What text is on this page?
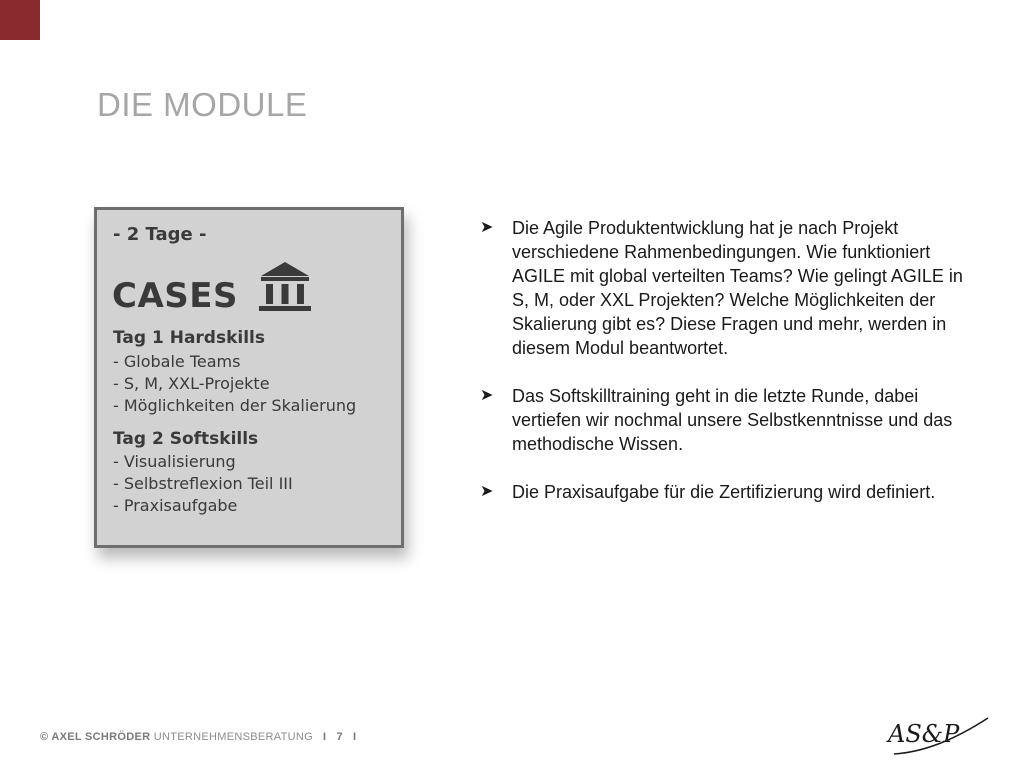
DIE MODULE
- 2 Tage -
CASES
Tag 1 Hardskills
- Globale Teams
- S, M, XXL-Projekte
- Möglichkeiten der Skalierung
Tag 2 Softskills
- Visualisierung
- Selbstreflexion Teil III
- Praxisaufgabe
➤	Die Agile Produktentwicklung hat je nach Projekt verschiedene Rahmenbedingungen. Wie funktioniert AGILE mit global verteilten Teams? Wie gelingt AGILE in S, M, oder XXL Projekten? Welche Möglichkeiten der Skalierung gibt es? Diese Fragen und mehr, werden in diesem Modul beantwortet.
➤	Das Softskilltraining geht in die letzte Runde, dabei vertiefen wir nochmal unsere Selbstkenntnisse und das methodische Wissen.
➤	Die Praxisaufgabe für die Zertifizierung wird definiert.
© AXEL SCHRÖDER UNTERNEHMENSBERATUNG I 7 I	AS&P
